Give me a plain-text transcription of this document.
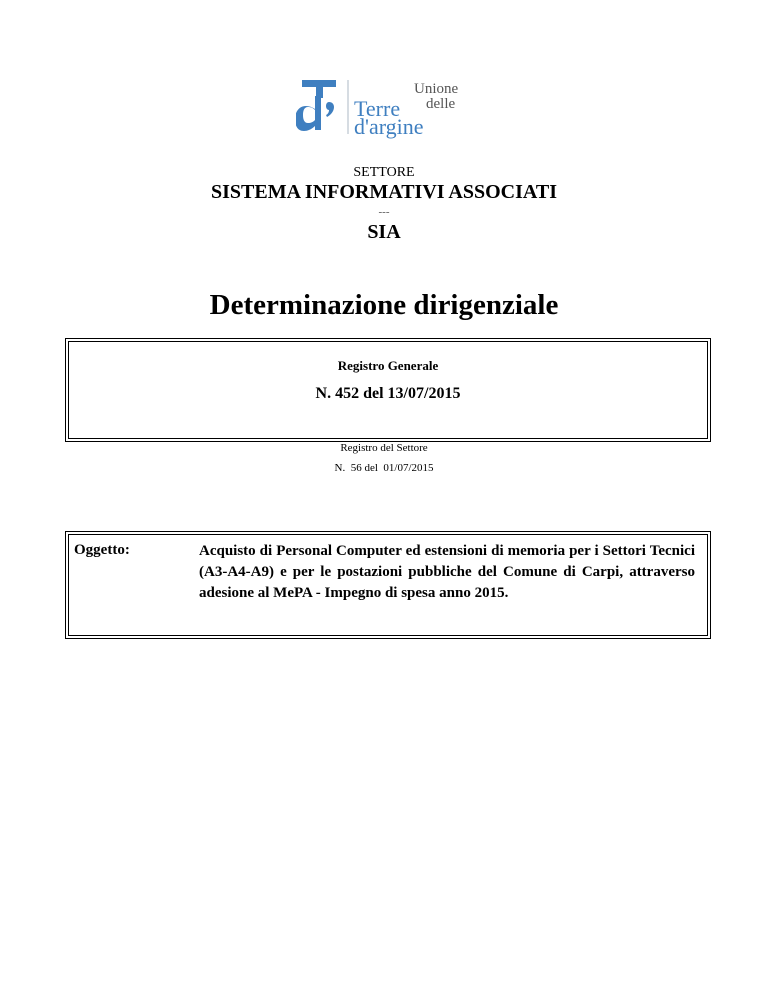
Unione
delle
Terre
d'argine
SETTORE
SISTEMA INFORMATIVI ASSOCIATI
---
SIA
Determinazione dirigenziale
Registro Generale
N. 452 del 13/07/2015
Registro del Settore
N.  56 del  01/07/2015
Oggetto:	Acquisto di Personal Computer ed estensioni di memoria per i Settori Tecnici (A3-A4-A9) e per le postazioni pubbliche del Comune di Carpi, attraverso adesione al MePA - Impegno di spesa anno 2015.
